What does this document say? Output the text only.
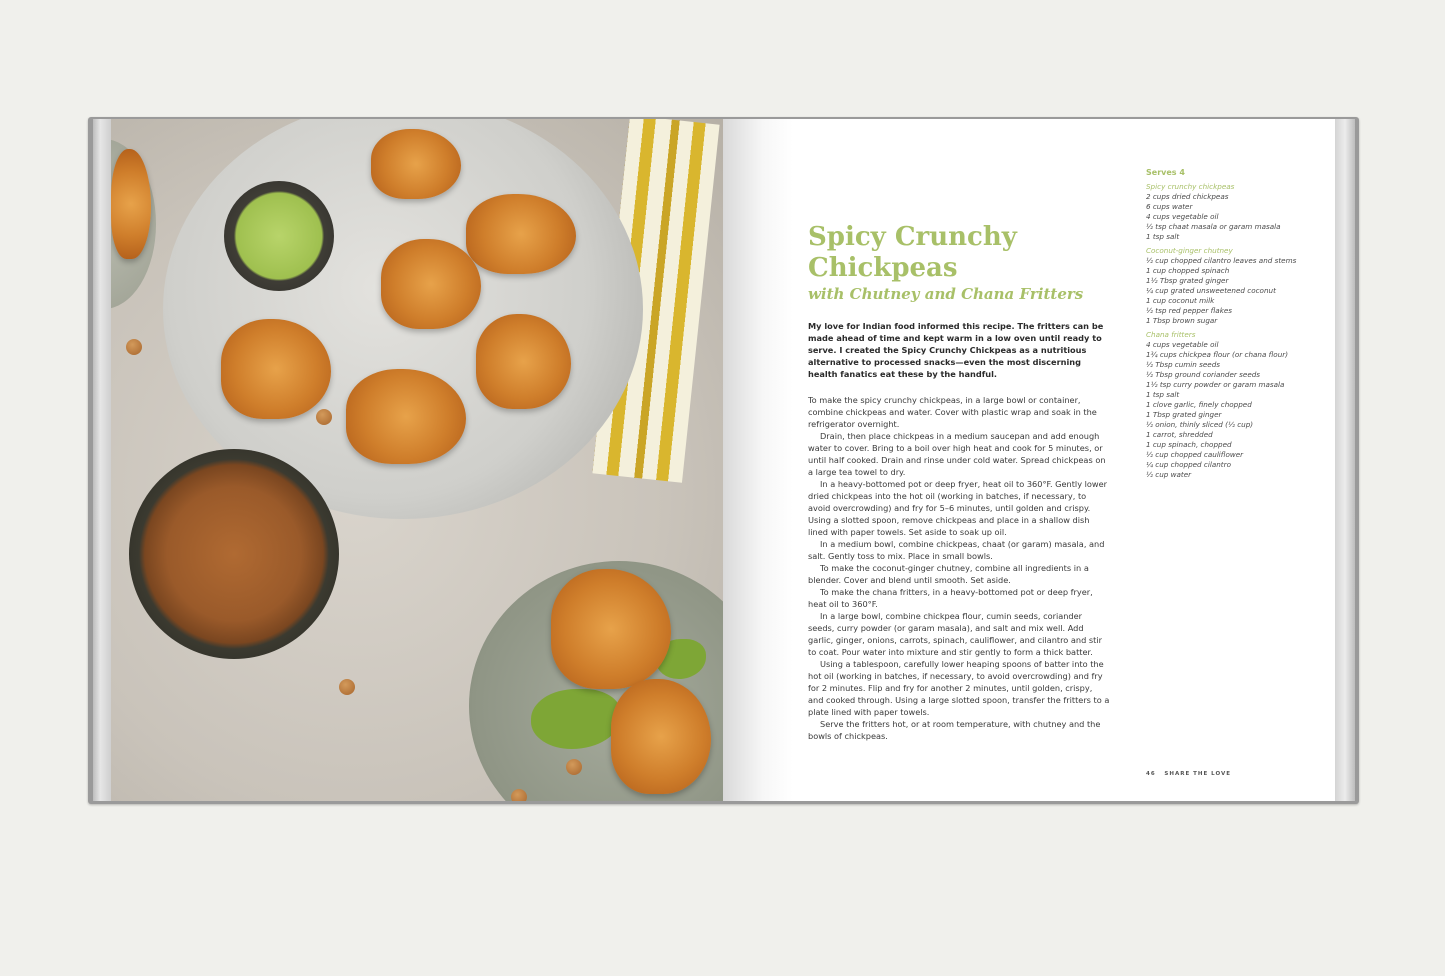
Spicy Crunchy Chickpeas
with Chutney and Chana Fritters
My love for Indian food informed this recipe. The fritters can be made ahead of time and kept warm in a low oven until ready to serve. I created the Spicy Crunchy Chickpeas as a nutritious alternative to processed snacks—even the most discerning health fanatics eat these by the handful.

To make the spicy crunchy chickpeas, in a large bowl or container, combine chickpeas and water. Cover with plastic wrap and soak in the refrigerator overnight.

Drain, then place chickpeas in a medium saucepan and add enough water to cover. Bring to a boil over high heat and cook for 5 minutes, or until half cooked. Drain and rinse under cold water. Spread chickpeas on a large tea towel to dry.

In a heavy-bottomed pot or deep fryer, heat oil to 360°F. Gently lower dried chickpeas into the hot oil (working in batches, if necessary, to avoid overcrowding) and fry for 5–6 minutes, until golden and crispy. Using a slotted spoon, remove chickpeas and place in a shallow dish lined with paper towels. Set aside to soak up oil.

In a medium bowl, combine chickpeas, chaat (or garam) masala, and salt. Gently toss to mix. Place in small bowls.

To make the coconut-ginger chutney, combine all ingredients in a blender. Cover and blend until smooth. Set aside.

To make the chana fritters, in a heavy-bottomed pot or deep fryer, heat oil to 360°F.

In a large bowl, combine chickpea flour, cumin seeds, coriander seeds, curry powder (or garam masala), and salt and mix well. Add garlic, ginger, onions, carrots, spinach, cauliflower, and cilantro and stir to coat. Pour water into mixture and stir gently to form a thick batter.

Using a tablespoon, carefully lower heaping spoons of batter into the hot oil (working in batches, if necessary, to avoid overcrowding) and fry for 2 minutes. Flip and fry for another 2 minutes, until golden, crispy, and cooked through. Using a large slotted spoon, transfer the fritters to a plate lined with paper towels.

Serve the fritters hot, or at room temperature, with chutney and the bowls of chickpeas.

Serves 4
Spicy crunchy chickpeas
2 cups dried chickpeas
6 cups water
4 cups vegetable oil
½ tsp chaat masala or garam masala
1 tsp salt
Coconut-ginger chutney
½ cup chopped cilantro leaves and stems
1 cup chopped spinach
1½ Tbsp grated ginger
¼ cup grated unsweetened coconut
1 cup coconut milk
½ tsp red pepper flakes
1 Tbsp brown sugar
Chana fritters
4 cups vegetable oil
1¾ cups chickpea flour (or chana flour)
½ Tbsp cumin seeds
½ Tbsp ground coriander seeds
1½ tsp curry powder or garam masala
1 tsp salt
1 clove garlic, finely chopped
1 Tbsp grated ginger
½ onion, thinly sliced (½ cup)
1 carrot, shredded
1 cup spinach, chopped
½ cup chopped cauliflower
¼ cup chopped cilantro
½ cup water
46 SHARE THE LOVE
